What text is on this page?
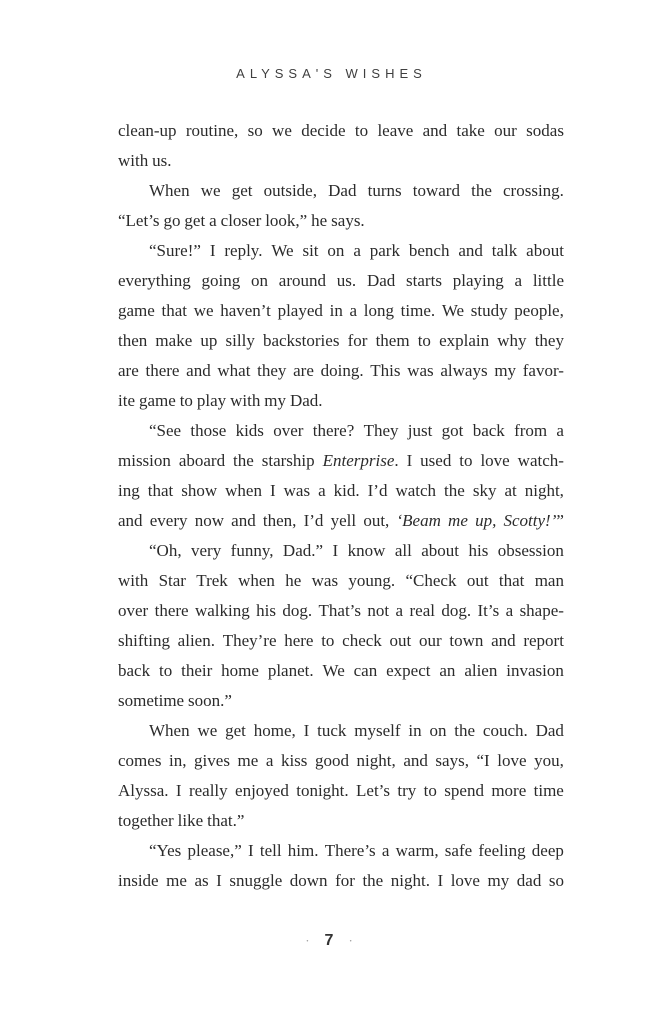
ALYSSA'S WISHES
clean-up routine, so we decide to leave and take our sodas
with us.
When we get outside, Dad turns toward the crossing.
“Let’s go get a closer look,” he says.
“Sure!” I reply. We sit on a park bench and talk about
everything going on around us. Dad starts playing a little
game that we haven’t played in a long time. We study people,
then make up silly backstories for them to explain why they
are there and what they are doing. This was always my favor-
ite game to play with my Dad.
“See those kids over there? They just got back from a
mission aboard the starship Enterprise. I used to love watch-
ing that show when I was a kid. I’d watch the sky at night,
and every now and then, I’d yell out, ‘Beam me up, Scotty!’”
“Oh, very funny, Dad.” I know all about his obsession
with Star Trek when he was young. “Check out that man
over there walking his dog. That’s not a real dog. It’s a shape-
shifting alien. They’re here to check out our town and report
back to their home planet. We can expect an alien invasion
sometime soon.”
When we get home, I tuck myself in on the couch. Dad
comes in, gives me a kiss good night, and says, “I love you,
Alyssa. I really enjoyed tonight. Let’s try to spend more time
together like that.”
“Yes please,” I tell him. There’s a warm, safe feeling deep
inside me as I snuggle down for the night. I love my dad so
· 7 ·
